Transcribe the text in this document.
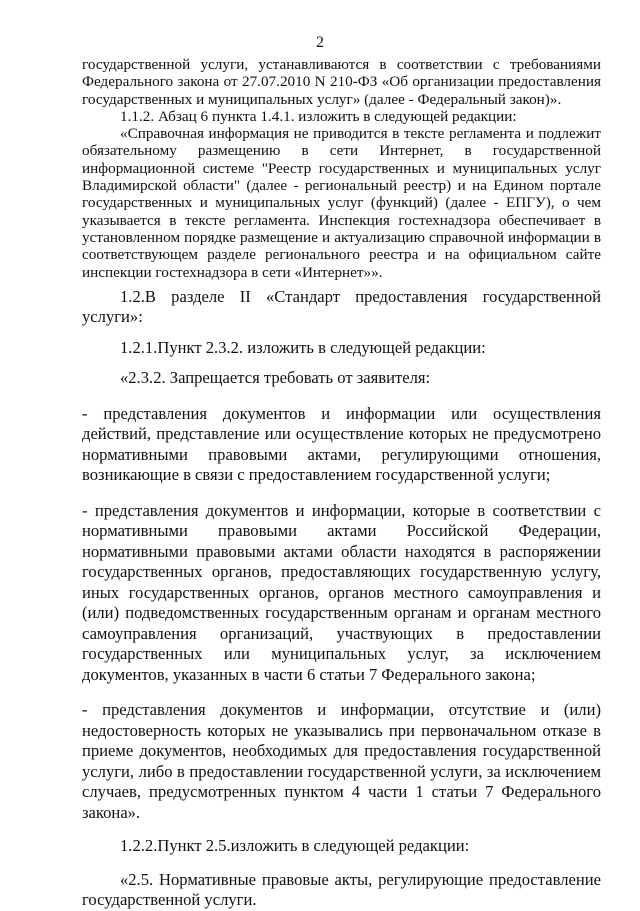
2

государственной услуги, устанавливаются в соответствии с требованиями Федерального закона от 27.07.2010 N 210-ФЗ «Об организации предоставления государственных и муниципальных услуг» (далее - Федеральный закон)».

1.1.2. Абзац 6 пункта 1.4.1. изложить в следующей редакции:

«Справочная информация не приводится в тексте регламента и подлежит обязательному размещению в сети Интернет, в государственной информационной системе "Реестр государственных и муниципальных услуг Владимирской области" (далее - региональный реестр) и на Едином портале государственных и муниципальных услуг (функций) (далее - ЕПГУ), о чем указывается в тексте регламента. Инспекция гостехнадзора обеспечивает в установленном порядке размещение и актуализацию справочной информации в соответствующем разделе регионального реестра и на официальном сайте инспекции гостехнадзора в сети «Интернет»».

1.2.В разделе II «Стандарт предоставления государственной услуги»:

1.2.1.Пункт 2.3.2. изложить в следующей редакции:

«2.3.2. Запрещается требовать от заявителя:

- представления документов и информации или осуществления действий, представление или осуществление которых не предусмотрено нормативными правовыми актами, регулирующими отношения, возникающие в связи с предоставлением государственной услуги;

- представления документов и информации, которые в соответствии с нормативными правовыми актами Российской Федерации, нормативными правовыми актами области находятся в распоряжении государственных органов, предоставляющих государственную услугу, иных государственных органов, органов местного самоуправления и (или) подведомственных государственным органам и органам местного самоуправления организаций, участвующих в предоставлении государственных или муниципальных услуг, за исключением документов, указанных в части 6 статьи 7 Федерального закона;

- представления документов и информации, отсутствие и (или) недостоверность которых не указывались при первоначальном отказе в приеме документов, необходимых для предоставления государственной услуги, либо в предоставлении государственной услуги, за исключением случаев, предусмотренных пунктом 4 части 1 статьи 7 Федерального закона».

1.2.2.Пункт 2.5.изложить в следующей редакции:

«2.5. Нормативные правовые акты, регулирующие предоставление государственной услуги.
